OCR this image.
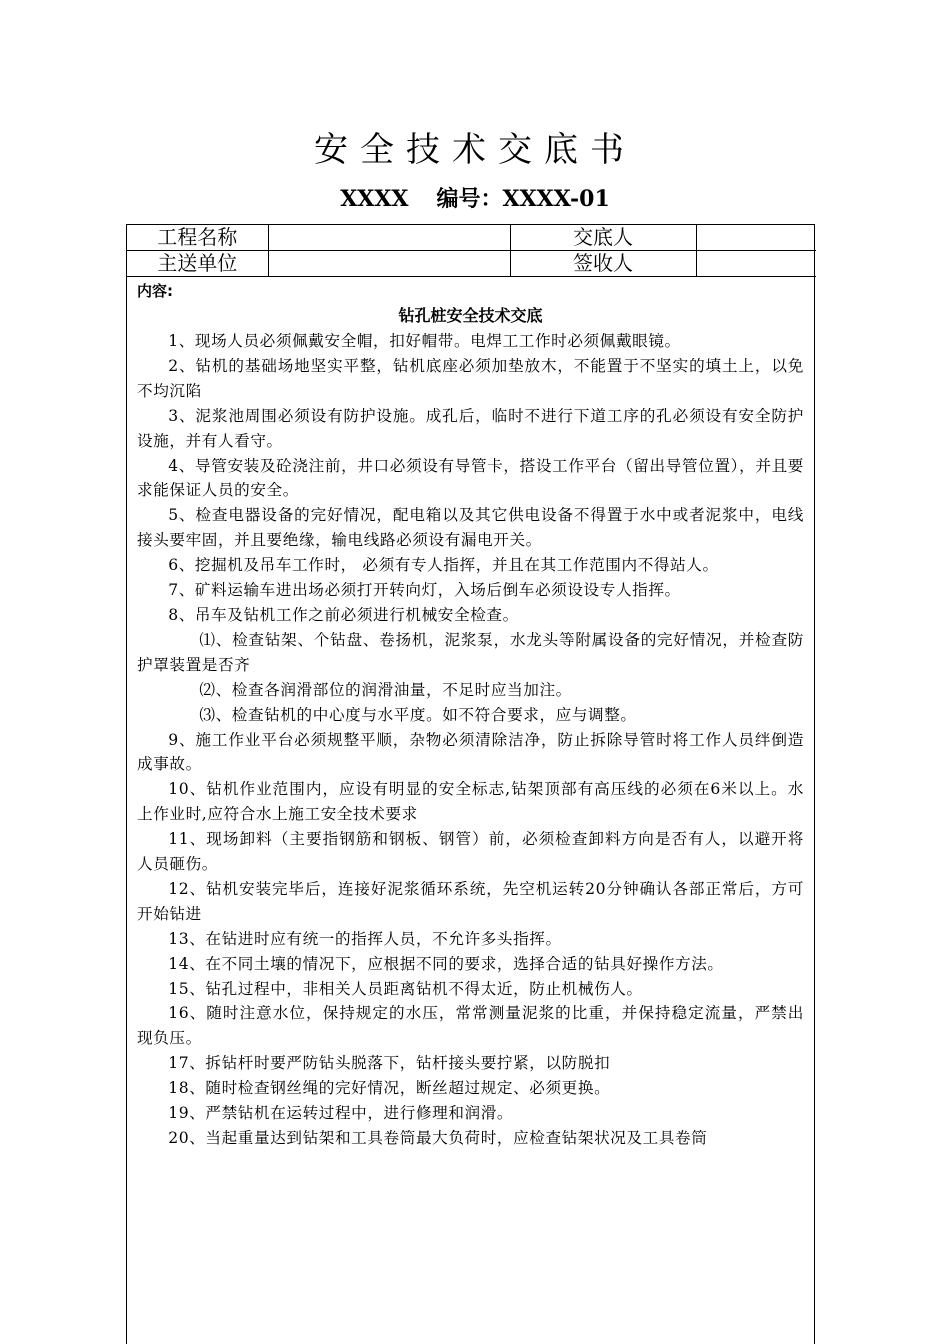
安全技术交底书
XXXX 编号：XXXX-01
工程名称		交底人	
主送单位		签收人	
内容:
钻孔桩安全技术交底

1、现场人员必须佩戴安全帽，扣好帽带。电焊工工作时必须佩戴眼镜。

2、钻机的基础场地坚实平整，钻机底座必须加垫放木，不能置于不坚实的填土上，以免不均沉陷

3、泥浆池周围必须设有防护设施。成孔后，临时不进行下道工序的孔必须设有安全防护设施，并有人看守。

4、导管安装及砼浇注前，井口必须设有导管卡，搭设工作平台（留出导管位置），并且要求能保证人员的安全。

5、检查电器设备的完好情况，配电箱以及其它供电设备不得置于水中或者泥浆中，电线接头要牢固，并且要绝缘，输电线路必须设有漏电开关。

6、挖掘机及吊车工作时， 必须有专人指挥，并且在其工作范围内不得站人。

7、矿料运输车进出场必须打开转向灯，入场后倒车必须设设专人指挥。

8、吊车及钻机工作之前必须进行机械安全检查。

⑴、检查钻架、个钻盘、卷扬机，泥浆泵，水龙头等附属设备的完好情况，并检查防护罩装置是否齐

⑵、检查各润滑部位的润滑油量，不足时应当加注。

⑶、检查钻机的中心度与水平度。如不符合要求，应与调整。

9、施工作业平台必须规整平顺，杂物必须清除洁净，防止拆除导管时将工作人员绊倒造成事故。

10、钻机作业范围内，应设有明显的安全标志,钻架顶部有高压线的必须在6米以上。水上作业时,应符合水上施工安全技术要求

11、现场卸料（主要指钢筋和钢板、钢管）前，必须检查卸料方向是否有人，以避开将人员砸伤。

12、钻机安装完毕后，连接好泥浆循环系统，先空机运转20分钟确认各部正常后，方可开始钻进

13、在钻进时应有统一的指挥人员，不允许多头指挥。

14、在不同土壤的情况下，应根据不同的要求，选择合适的钻具好操作方法。

15、钻孔过程中，非相关人员距离钻机不得太近，防止机械伤人。

16、随时注意水位，保持规定的水压，常常测量泥浆的比重，并保持稳定流量，严禁出现负压。

17、拆钻杆时要严防钻头脱落下，钻杆接头要拧紧，以防脱扣

18、随时检查钢丝绳的完好情况，断丝超过规定、必须更换。

19、严禁钻机在运转过程中，进行修理和润滑。

20、当起重量达到钻架和工具卷筒最大负荷时，应检查钻架状况及工具卷筒
